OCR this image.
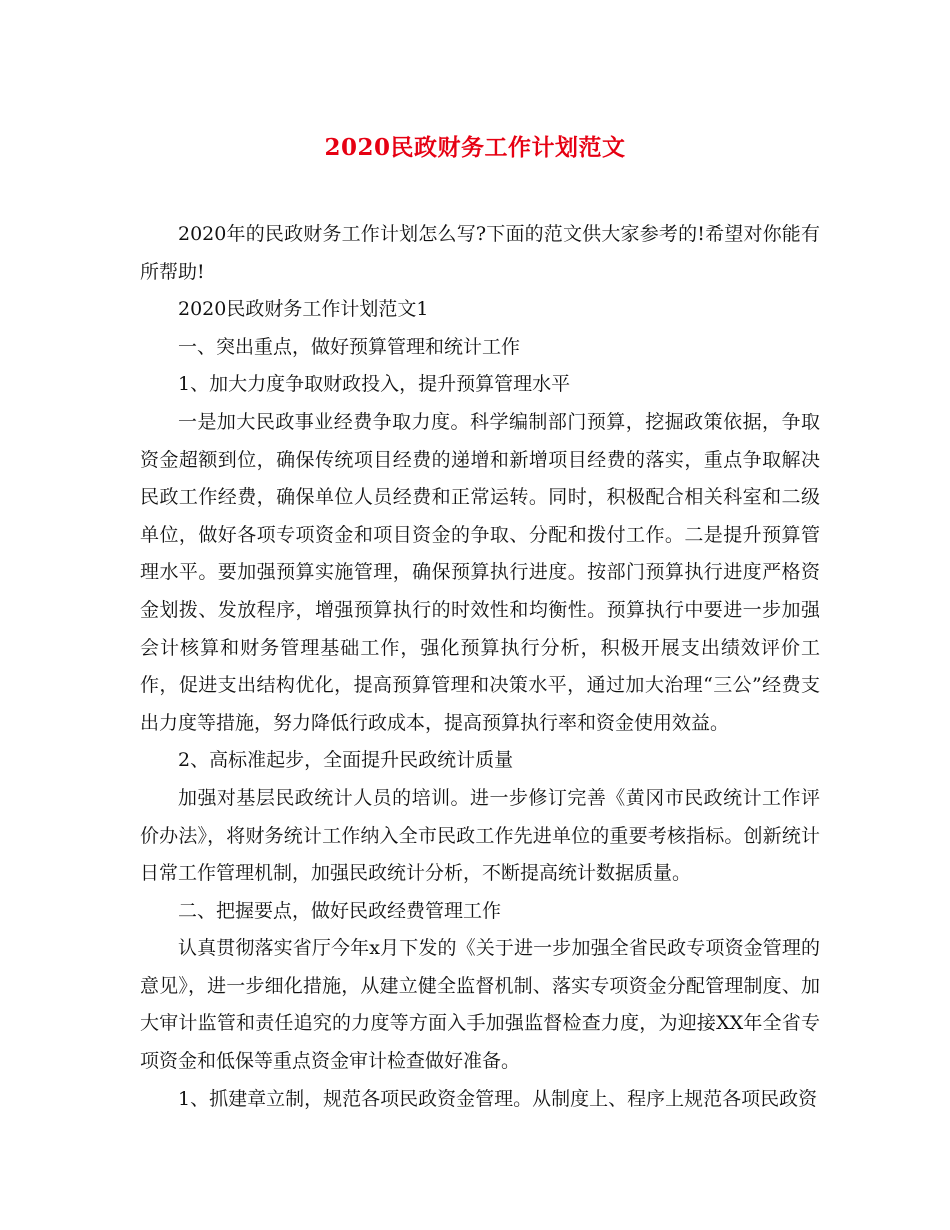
2020民政财务工作计划范文

2020年的民政财务工作计划怎么写?下面的范文供大家参考的!希望对你能有所帮助!

2020民政财务工作计划范文1

一、突出重点，做好预算管理和统计工作

1、加大力度争取财政投入，提升预算管理水平

一是加大民政事业经费争取力度。科学编制部门预算，挖掘政策依据，争取资金超额到位，确保传统项目经费的递增和新增项目经费的落实，重点争取解决民政工作经费，确保单位人员经费和正常运转。同时，积极配合相关科室和二级单位，做好各项专项资金和项目资金的争取、分配和拨付工作。二是提升预算管理水平。要加强预算实施管理，确保预算执行进度。按部门预算执行进度严格资金划拨、发放程序，增强预算执行的时效性和均衡性。预算执行中要进一步加强会计核算和财务管理基础工作，强化预算执行分析，积极开展支出绩效评价工作，促进支出结构优化，提高预算管理和决策水平，通过加大治理“三公”经费支出力度等措施，努力降低行政成本，提高预算执行率和资金使用效益。

2、高标准起步，全面提升民政统计质量

加强对基层民政统计人员的培训。进一步修订完善《黄冈市民政统计工作评价办法》，将财务统计工作纳入全市民政工作先进单位的重要考核指标。创新统计日常工作管理机制，加强民政统计分析，不断提高统计数据质量。

二、把握要点，做好民政经费管理工作

认真贯彻落实省厅今年x月下发的《关于进一步加强全省民政专项资金管理的意见》，进一步细化措施，从建立健全监督机制、落实专项资金分配管理制度、加大审计监管和责任追究的力度等方面入手加强监督检查力度，为迎接XX年全省专项资金和低保等重点资金审计检查做好准备。

1、抓建章立制，规范各项民政资金管理。从制度上、程序上规范各项民政资
